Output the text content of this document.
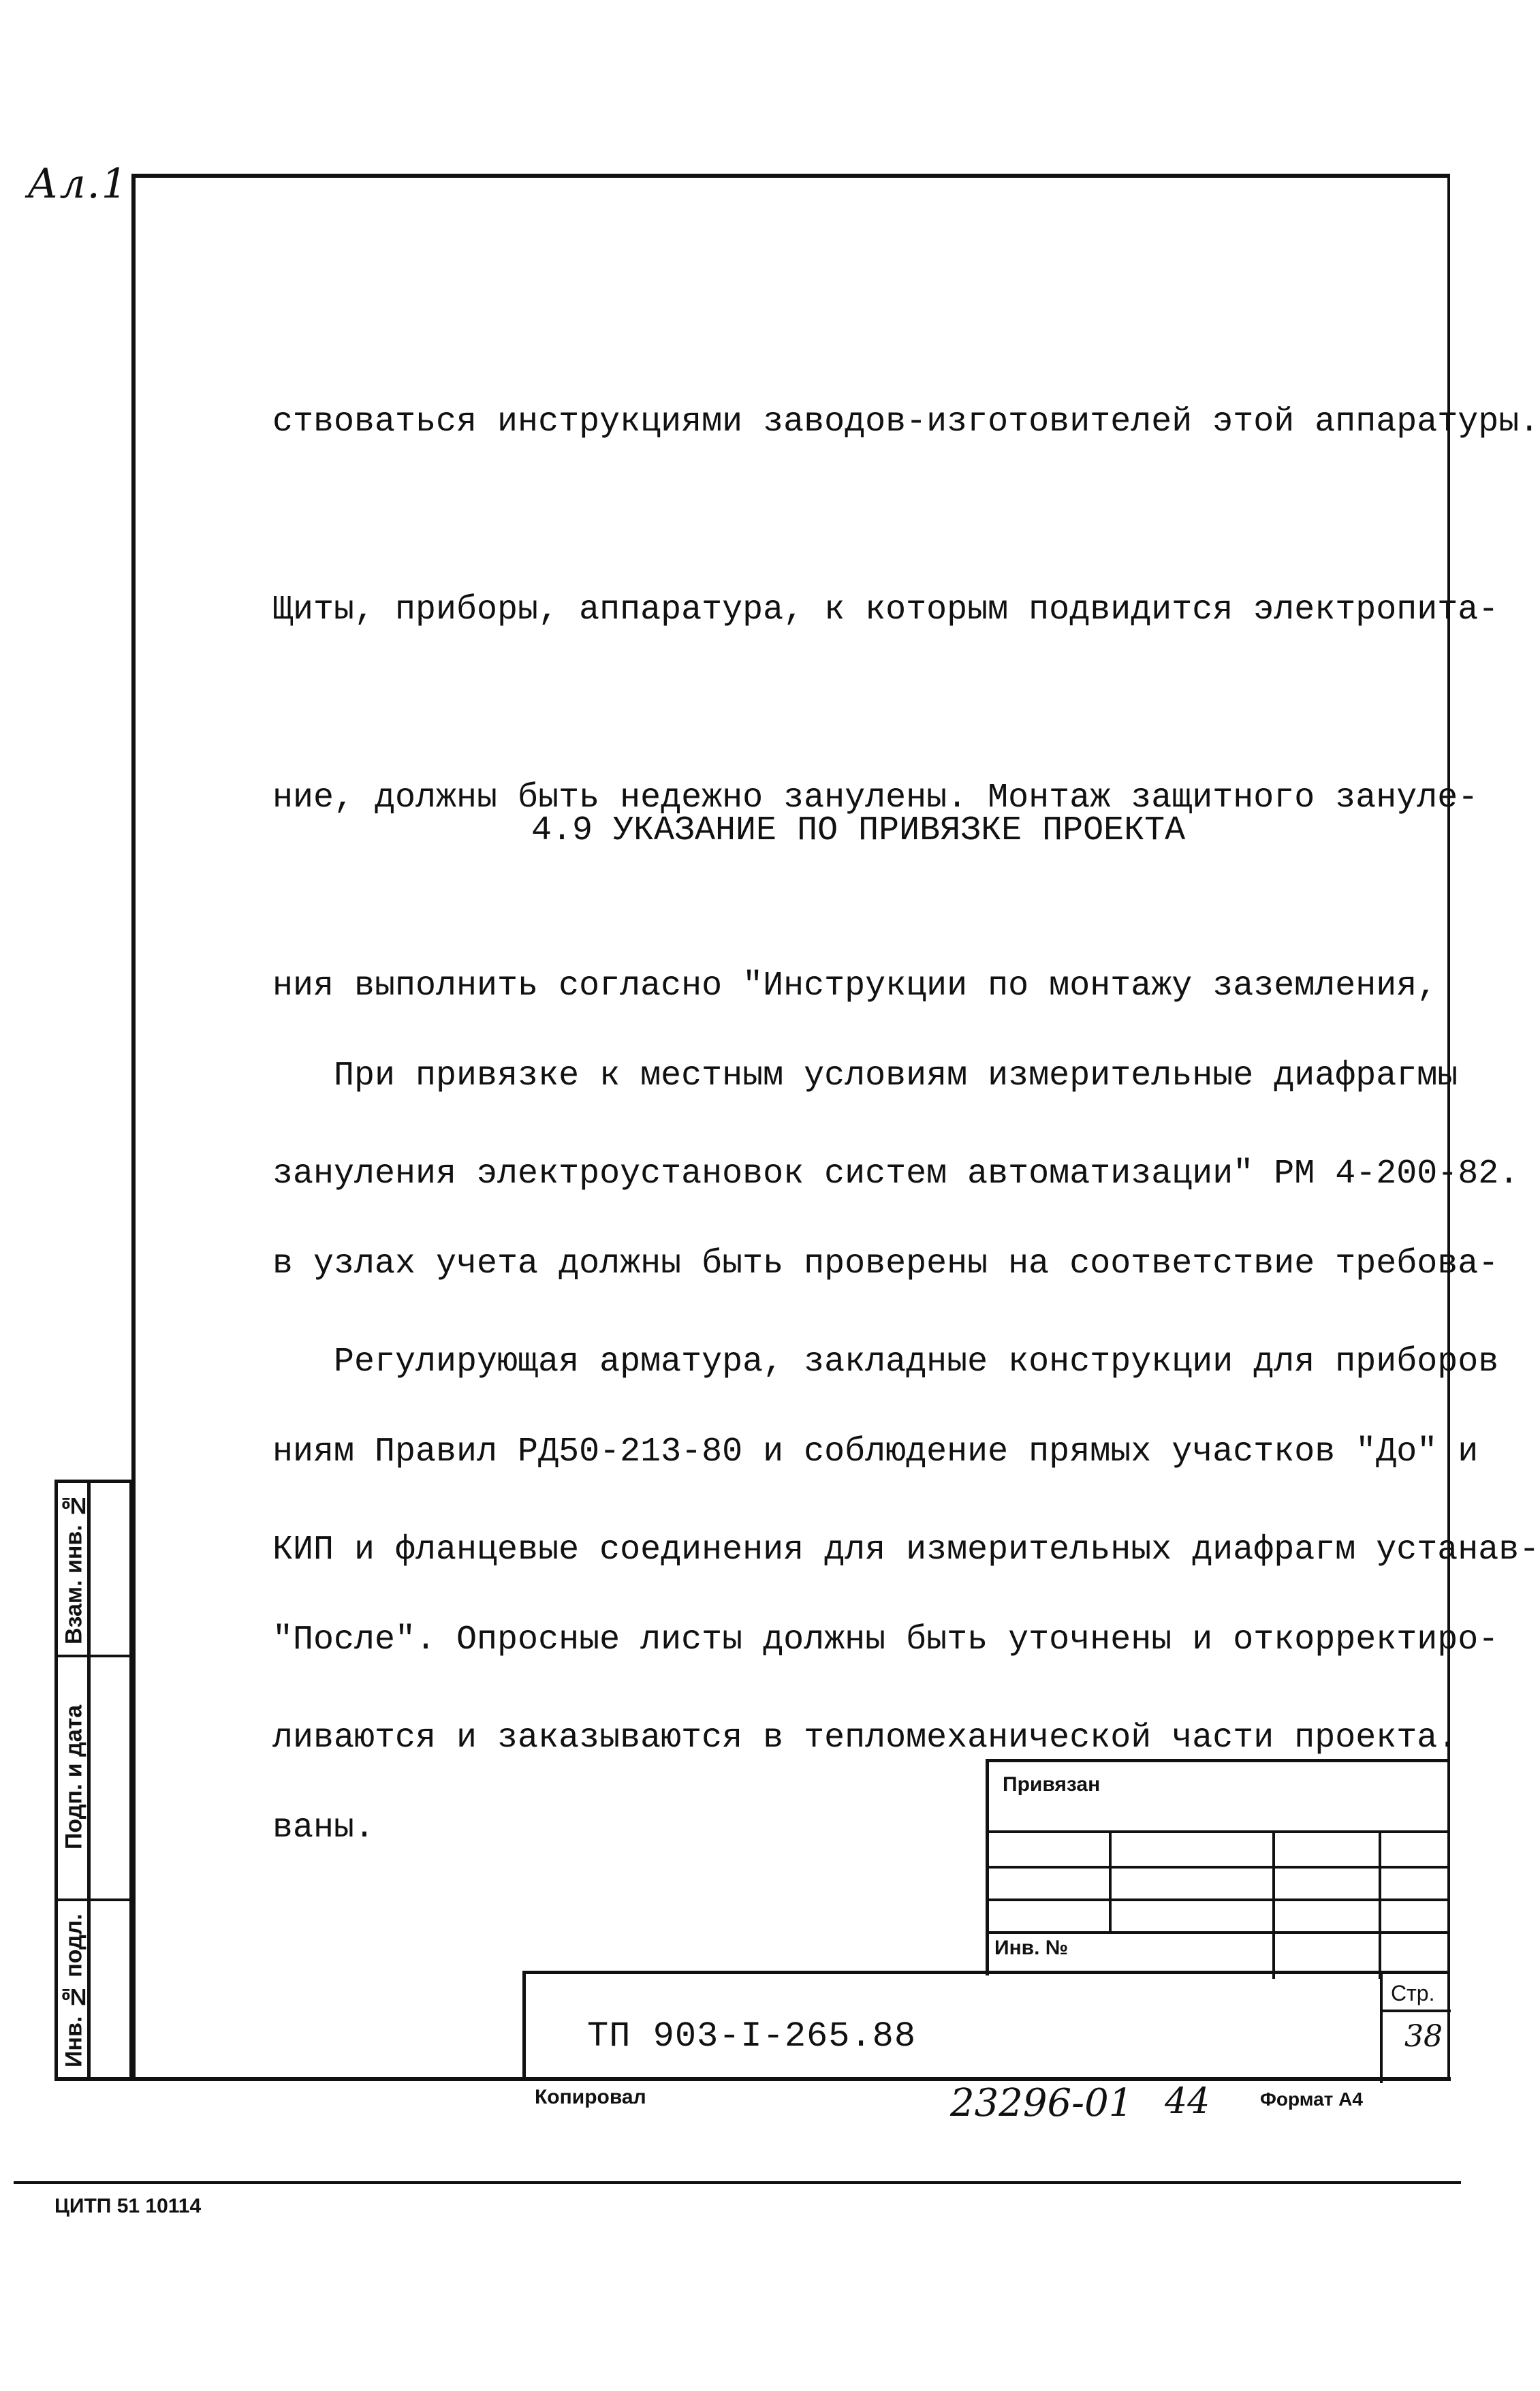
Ал.1

ствоваться инструкциями заводов-изготовителей этой аппаратуры.

Щиты, приборы, аппаратура, к которым подвидится электропита-

ние, должны быть недежно занулены. Монтаж защитного зануле-

ния выполнить согласно "Инструкции по монтажу заземления,

зануления электроустановок систем автоматизации" РМ 4-200-82.

Регулирующая арматура, закладные конструкции для приборов

КИП и фланцевые соединения для измерительных диафрагм устанав-

ливаются и заказываются в тепломеханической части проекта.

4.9 УКАЗАНИЕ ПО ПРИВЯЗКЕ ПРОЕКТА

При привязке к местным условиям измерительные диафрагмы

в узлах учета должны быть проверены на соответствие требова-

ниям Правил РД50-213-80 и соблюдение прямых участков "До" и

"После". Опросные листы должны быть уточнены и откорректиро-

ваны.

Взам. инв. №
Подп. и дата
Инв. № подл.
Привязан
Инв. №
ТП 903-I-265.88
Стр.
38
Копировал	23296-01 44	Формат А4
ЦИТП 51 10114
